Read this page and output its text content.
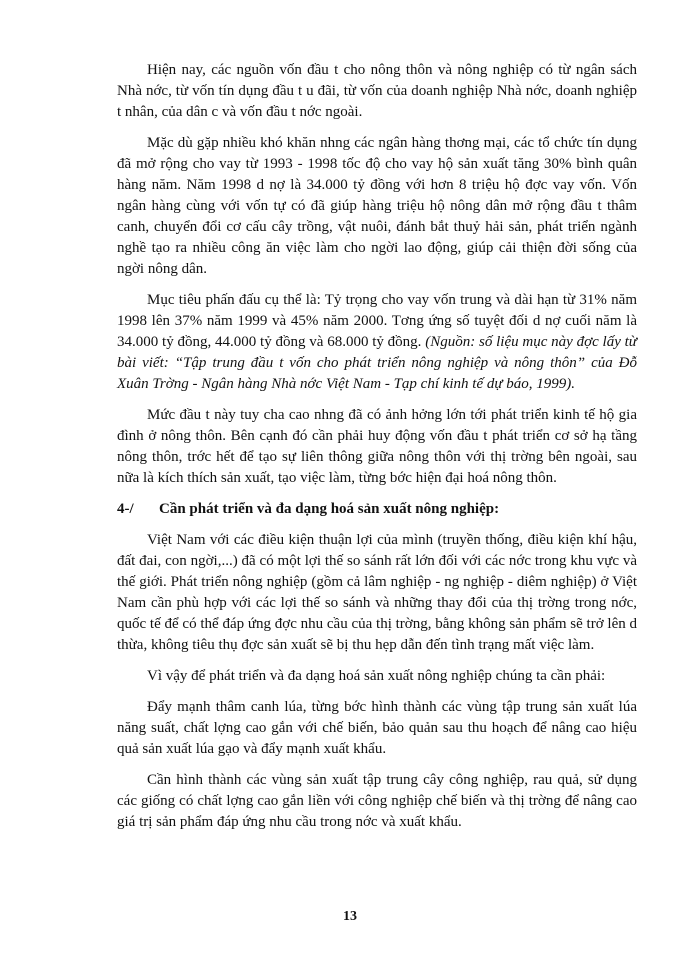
Hiện nay, các nguồn vốn đầu t cho nông thôn và nông nghiệp có từ ngân sách Nhà nớc, từ vốn tín dụng đầu t u đãi, từ vốn của doanh nghiệp Nhà nớc, doanh nghiệp t nhân, của dân c và vốn đầu t nớc ngoài.

Mặc dù gặp nhiều khó khăn nhng các ngân hàng thơng mại, các tổ chức tín dụng đã mở rộng cho vay từ 1993 - 1998 tốc độ cho vay hộ sản xuất tăng 30% bình quân hàng năm. Năm 1998 d nợ là 34.000 tỷ đồng với hơn 8 triệu hộ đợc vay vốn. Vốn ngân hàng cùng với vốn tự có đã giúp hàng triệu hộ nông dân mở rộng đầu t thâm canh, chuyển đổi cơ cấu cây trồng, vật nuôi, đánh bắt thuỷ hải sản, phát triển ngành nghề tạo ra nhiều công ăn việc làm cho ngời lao động, giúp cải thiện đời sống của ngời nông dân.

Mục tiêu phấn đấu cụ thể là: Tỷ trọng cho vay vốn trung và dài hạn từ 31% năm 1998 lên 37% năm 1999 và 45% năm 2000. Tơng ứng số tuyệt đối d nợ cuối năm là 34.000 tỷ đồng, 44.000 tỷ đồng và 68.000 tỷ đồng. (Nguồn: số liệu mục này đợc lấy từ bài viết: “Tập trung đầu t vốn cho phát triển nông nghiệp và nông thôn” của Đỗ Xuân Trờng - Ngân hàng Nhà nớc Việt Nam - Tạp chí kinh tế dự báo, 1999).

Mức đầu t này tuy cha cao nhng đã có ảnh hởng lớn tới phát triển kinh tế hộ gia đình ở nông thôn. Bên cạnh đó cần phải huy động vốn đầu t phát triển cơ sở hạ tầng nông thôn, trớc hết để tạo sự liên thông giữa nông thôn với thị trờng bên ngoài, sau nữa là kích thích sản xuất, tạo việc làm, từng bớc hiện đại hoá nông thôn.

4-/	Cần phát triển và đa dạng hoá sản xuất nông nghiệp:

Việt Nam với các điều kiện thuận lợi của mình (truyền thống, điều kiện khí hậu, đất đai, con ngời,...) đã có một lợi thế so sánh rất lớn đối với các nớc trong khu vực và thế giới. Phát triển nông nghiệp (gồm cả lâm nghiệp - ng nghiệp - diêm nghiệp) ở Việt Nam cần phù hợp với các lợi thế so sánh và những thay đổi của thị trờng trong nớc, quốc tế để có thể đáp ứng đợc nhu cầu của thị trờng, bằng không sản phẩm sẽ trở lên d thừa, không tiêu thụ đợc sản xuất sẽ bị thu hẹp dẫn đến tình trạng mất việc làm.

Vì vậy để phát triển và đa dạng hoá sản xuất nông nghiệp chúng ta cần phải:

Đẩy mạnh thâm canh lúa, từng bớc hình thành các vùng tập trung sản xuất lúa năng suất, chất lợng cao gắn với chế biến, bảo quản sau thu hoạch để nâng cao hiệu quả sản xuất lúa gạo và đẩy mạnh xuất khẩu.

Cần hình thành các vùng sản xuất tập trung cây công nghiệp, rau quả, sử dụng các giống có chất lợng cao gắn liền với công nghiệp chế biến và thị trờng để nâng cao giá trị sản phẩm đáp ứng nhu cầu trong nớc và xuất khẩu.

13
